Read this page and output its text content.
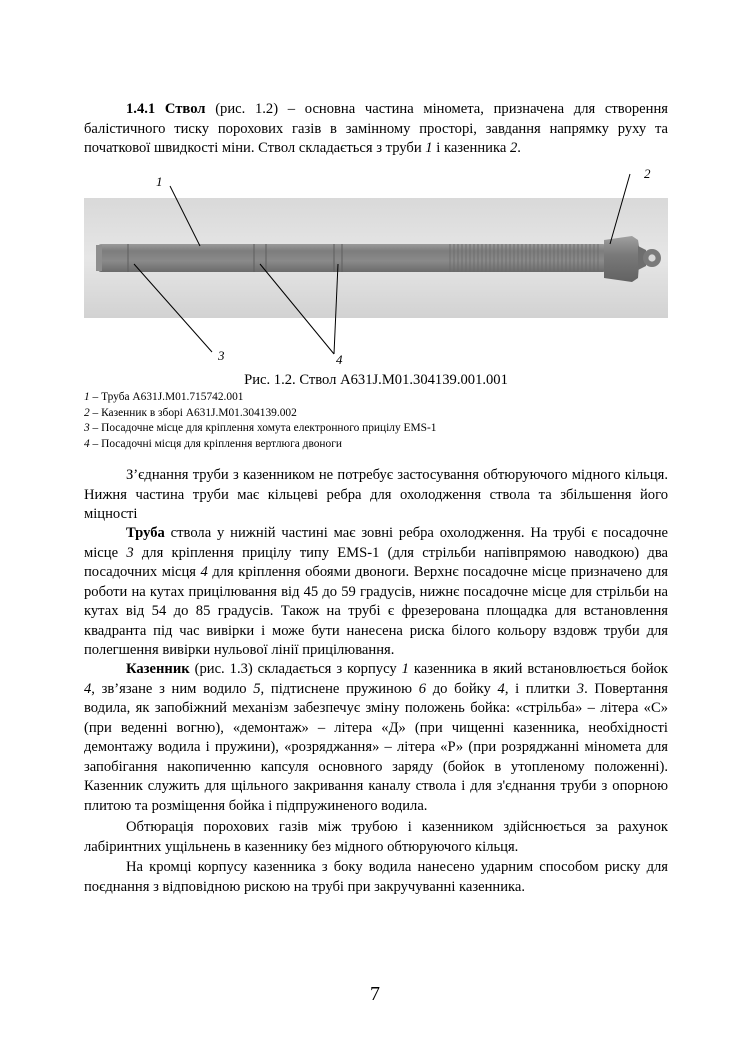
1.4.1 Ствол (рис. 1.2) – основна частина міномета, призначена для створення балістичного тиску порохових газів в замінному просторі, завдання напрямку руху та початкової швидкості міни. Ствол складається з труби 1 і казенника 2.

1
2
3	4
Рис. 1.2. Ствол А631J.М01.304139.001.001
1 – Труба А631J.М01.715742.001
2 – Казенник в зборі А631J.М01.304139.002
3 – Посадочне місце для кріплення хомута електронного прицілу EMS-1
4 – Посадочні місця для кріплення вертлюга двоноги

З’єднання труби з казенником не потребує застосування обтюруючого мідного кільця. Нижня частина труби має кільцеві ребра для охолодження ствола та збільшення його міцності

Труба ствола у нижній частині має зовні ребра охолодження. На трубі є посадочне місце 3 для кріплення прицілу типу EMS-1 (для стрільби напівпрямою наводкою) два посадочних місця 4 для кріплення обоями двоноги. Верхнє посадочне місце призначено для роботи на кутах прицілювання від 45 до 59 градусів, нижнє посадочне місце для стрільби на кутах від 54 до 85 градусів. Також на трубі є фрезерована площадка для встановлення квадранта під час вивірки і може бути нанесена риска білого кольору вздовж труби для полегшення вивірки нульової лінії прицілювання.

Казенник (рис. 1.3) складається з корпусу 1 казенника в який встановлюється бойок 4, зв’язане з ним водило 5, підтиснене пружиною 6 до бойку 4, і плитки 3. Повертання водила, як запобіжний механізм забезпечує зміну положень бойка: «стрільба» – літера «С» (при веденні вогню), «демонтаж» – літера «Д» (при чищенні казенника, необхідності демонтажу водила і пружини), «розряджання» – літера «Р» (при розряджанні міномета для запобігання накопиченню капсуля основного заряду (бойок в утопленому положенні). Казенник служить для щільного закривання каналу ствола і для з'єднання труби з опорною плитою та розміщення бойка і підпружиненого водила.

Обтюрація порохових газів між трубою і казенником здійснюється за рахунок лабіринтних ущільнень в казеннику без мідного обтюруючого кільця.

На кромці корпусу казенника з боку водила нанесено ударним способом риску для поєднання з відповідною рискою на трубі при закручуванні казенника.

7
